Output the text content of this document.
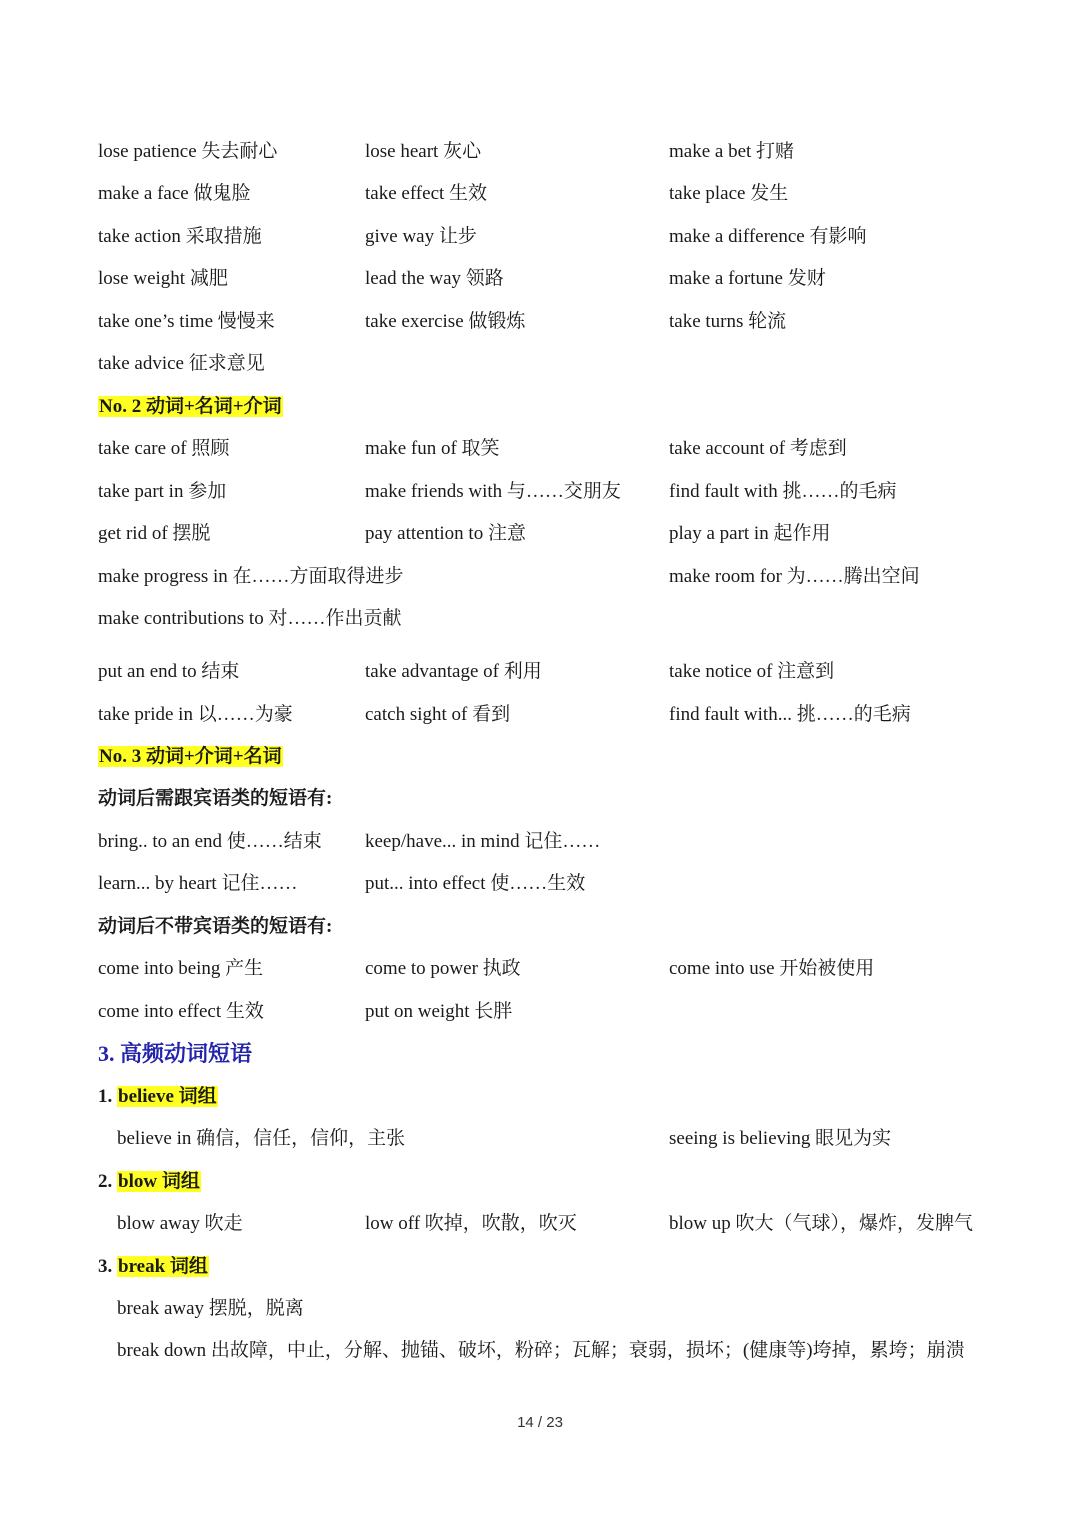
lose patience 失去耐心	lose heart 灰心	make a bet 打赌
make a face 做鬼脸	take effect 生效	take place 发生
take action 采取措施	give way 让步	make a difference 有影响
lose weight 减肥	lead the way 领路	make a fortune 发财
take one’s time 慢慢来	take exercise 做锻炼	take turns 轮流
take advice 征求意见
No. 2 动词+名词+介词
take care of 照顾	make fun of 取笑	take account of 考虑到
take part in 参加	make friends with 与……交朋友	find fault with 挑……的毛病
get rid of 摆脱	pay attention to 注意	play a part in 起作用
make progress in 在……方面取得进步	make room for 为……腾出空间
make contributions to 对……作出贡献
put an end to 结束	take advantage of 利用	take notice of 注意到
take pride in 以……为豪	catch sight of 看到	find fault with... 挑……的毛病
No. 3 动词+介词+名词
动词后需跟宾语类的短语有:
bring.. to an end 使……结束 keep/have... in mind 记住……
learn... by heart 记住……	put... into effect 使……生效
动词后不带宾语类的短语有:
come into being 产生	come to power 执政	come into use 开始被使用
come into effect 生效	put on weight 长胖
3. 高频动词短语
1. believe 词组
believe in 确信，信任，信仰，主张	seeing is believing 眼见为实
2. blow 词组
blow away 吹走	low off 吹掉，吹散，吹灭	blow up 吹大（气球），爆炸，发脾气
3. break 词组
break away 摆脱，脱离
break down 出故障，中止，分解、抛锚、破坏，粉碎；瓦解；衰弱，损坏；(健康等)垮掉，累垮；崩溃
14 / 23
